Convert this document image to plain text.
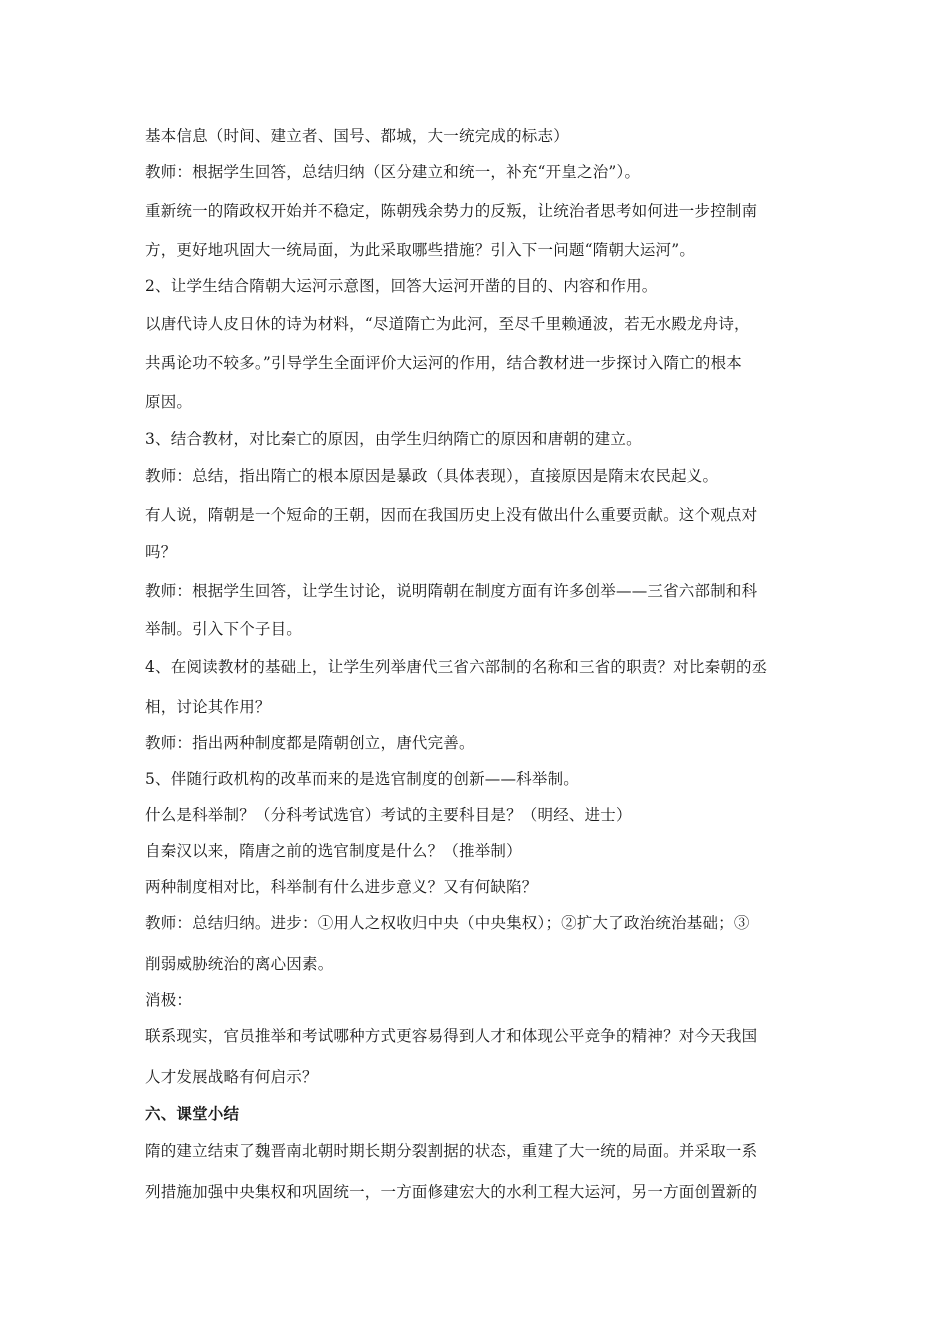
基本信息（时间、建立者、国号、都城，大一统完成的标志）
教师：根据学生回答，总结归纳（区分建立和统一，补充“开皇之治”）。
重新统一的隋政权开始并不稳定，陈朝残余势力的反叛，让统治者思考如何进一步控制南
方，更好地巩固大一统局面，为此采取哪些措施？引入下一问题“隋朝大运河”。
2、让学生结合隋朝大运河示意图，回答大运河开凿的目的、内容和作用。
以唐代诗人皮日休的诗为材料，“尽道隋亡为此河，至尽千里赖通波，若无水殿龙舟诗，
共禹论功不较多。”引导学生全面评价大运河的作用，结合教材进一步探讨入隋亡的根本
原因。
3、结合教材，对比秦亡的原因，由学生归纳隋亡的原因和唐朝的建立。
教师：总结，指出隋亡的根本原因是暴政（具体表现），直接原因是隋末农民起义。
有人说，隋朝是一个短命的王朝，因而在我国历史上没有做出什么重要贡献。这个观点对
吗？
教师：根据学生回答，让学生讨论，说明隋朝在制度方面有许多创举——三省六部制和科
举制。引入下个子目。
4、在阅读教材的基础上，让学生列举唐代三省六部制的名称和三省的职责？对比秦朝的丞
相，讨论其作用？
教师：指出两种制度都是隋朝创立，唐代完善。
5、伴随行政机构的改革而来的是选官制度的创新——科举制。
什么是科举制？（分科考试选官）考试的主要科目是？（明经、进士）
自秦汉以来，隋唐之前的选官制度是什么？（推举制）
两种制度相对比，科举制有什么进步意义？又有何缺陷？
教师：总结归纳。进步：①用人之权收归中央（中央集权）；②扩大了政治统治基础；③
削弱威胁统治的离心因素。
消极：
联系现实，官员推举和考试哪种方式更容易得到人才和体现公平竞争的精神？对今天我国
人才发展战略有何启示？
六、课堂小结
隋的建立结束了魏晋南北朝时期长期分裂割据的状态，重建了大一统的局面。并采取一系
列措施加强中央集权和巩固统一，一方面修建宏大的水利工程大运河，另一方面创置新的
